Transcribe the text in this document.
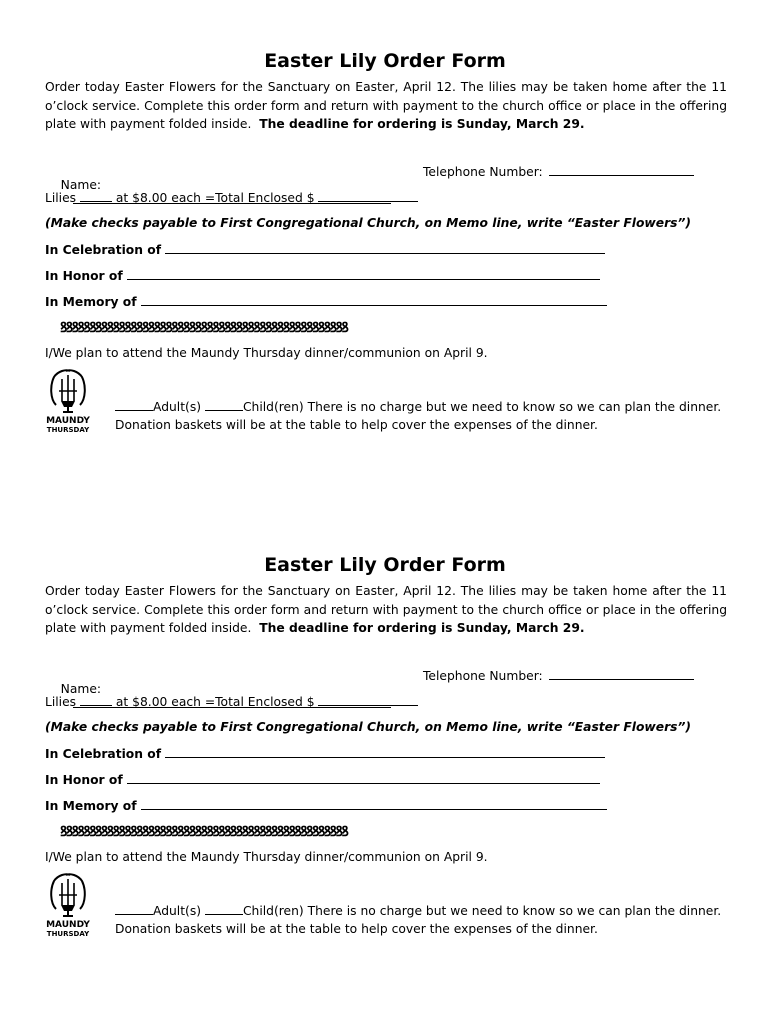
Easter Lily Order Form
Order today Easter Flowers for the Sanctuary on Easter, April 12. The lilies may be taken home after the 11 o’clock service. Complete this order form and return with payment to the church office or place in the offering plate with payment folded inside. The deadline for ordering is Sunday, March 29.

Name:

Telephone Number:
Lilies	at $8.00 each =Total Enclosed $
(Make checks payable to First Congregational Church, on Memo line, write “Easter Flowers”)
In Celebration of
In Honor of
In Memory of
ꝸꝸꝸꝸꝸꝸꝸꝸꝸꝸꝸꝸꝸꝸꝸꝸꝸꝸꝸꝸꝸꝸꝸꝸꝸꝸꝸꝸꝸꝸꝸꝸꝸꝸꝸꝸꝸꝸꝸꝸꝸꝸꝸꝸꝸꝸꝸꝸꝸ
I/We plan to attend the Maundy Thursday dinner/communion on April 9.
MAUNDY
THURSDAY
Adult(s)	Child(ren) There is no charge but we need to know so we can plan the dinner.
Donation baskets will be at the table to help cover the expenses of the dinner.
Easter Lily Order Form
Order today Easter Flowers for the Sanctuary on Easter, April 12. The lilies may be taken home after the 11 o’clock service. Complete this order form and return with payment to the church office or place in the offering plate with payment folded inside. The deadline for ordering is Sunday, March 29.

Name:

Telephone Number:
Lilies	at $8.00 each =Total Enclosed $
(Make checks payable to First Congregational Church, on Memo line, write “Easter Flowers”)
In Celebration of
In Honor of
In Memory of
ꝸꝸꝸꝸꝸꝸꝸꝸꝸꝸꝸꝸꝸꝸꝸꝸꝸꝸꝸꝸꝸꝸꝸꝸꝸꝸꝸꝸꝸꝸꝸꝸꝸꝸꝸꝸꝸꝸꝸꝸꝸꝸꝸꝸꝸꝸꝸꝸꝸ
I/We plan to attend the Maundy Thursday dinner/communion on April 9.
MAUNDY
THURSDAY
Adult(s)	Child(ren) There is no charge but we need to know so we can plan the dinner.
Donation baskets will be at the table to help cover the expenses of the dinner.
